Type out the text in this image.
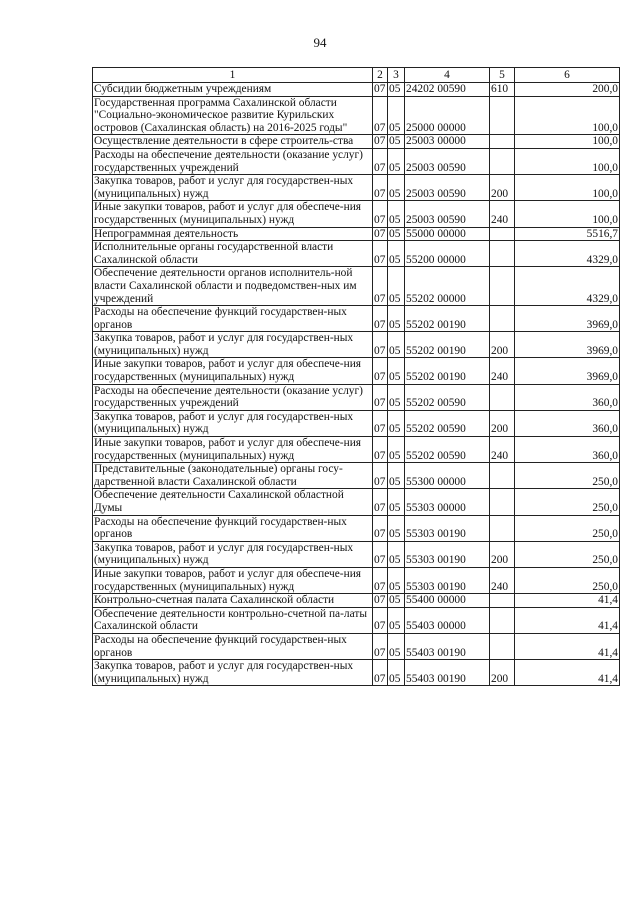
94
1	2	3	4	5	6
Субсидии бюджетным учреждениям	07	05	24202 00590	610	200,0
Государственная программа Сахалинской области "Социально-экономическое развитие Курильских островов (Сахалинская область) на 2016-2025 годы"	07	05	25000 00000		100,0
Осуществление деятельности в сфере строитель-ства	07	05	25003 00000		100,0
Расходы на обеспечение деятельности (оказание услуг) государственных учреждений	07	05	25003 00590		100,0
Закупка товаров, работ и услуг для государствен-ных (муниципальных) нужд	07	05	25003 00590	200	100,0
Иные закупки товаров, работ и услуг для обеспече-ния государственных (муниципальных) нужд	07	05	25003 00590	240	100,0
Непрограммная деятельность	07	05	55000 00000		5516,7
Исполнительные органы государственной власти Сахалинской области	07	05	55200 00000		4329,0
Обеспечение деятельности органов исполнитель-ной власти Сахалинской области и подведомствен-ных им учреждений	07	05	55202 00000		4329,0
Расходы на обеспечение функций государствен-ных органов	07	05	55202 00190		3969,0
Закупка товаров, работ и услуг для государствен-ных (муниципальных) нужд	07	05	55202 00190	200	3969,0
Иные закупки товаров, работ и услуг для обеспече-ния государственных (муниципальных) нужд	07	05	55202 00190	240	3969,0
Расходы на обеспечение деятельности (оказание услуг) государственных учреждений	07	05	55202 00590		360,0
Закупка товаров, работ и услуг для государствен-ных (муниципальных) нужд	07	05	55202 00590	200	360,0
Иные закупки товаров, работ и услуг для обеспече-ния государственных (муниципальных) нужд	07	05	55202 00590	240	360,0
Представительные (законодательные) органы госу-дарственной власти Сахалинской области	07	05	55300 00000		250,0
Обеспечение деятельности Сахалинской областной Думы	07	05	55303 00000		250,0
Расходы на обеспечение функций государствен-ных органов	07	05	55303 00190		250,0
Закупка товаров, работ и услуг для государствен-ных (муниципальных) нужд	07	05	55303 00190	200	250,0
Иные закупки товаров, работ и услуг для обеспече-ния государственных (муниципальных) нужд	07	05	55303 00190	240	250,0
Контрольно-счетная палата Сахалинской области	07	05	55400 00000		41,4
Обеспечение деятельности контрольно-счетной па-латы Сахалинской области	07	05	55403 00000		41,4
Расходы на обеспечение функций государствен-ных органов	07	05	55403 00190		41,4
Закупка товаров, работ и услуг для государствен-ных (муниципальных) нужд	07	05	55403 00190	200	41,4
